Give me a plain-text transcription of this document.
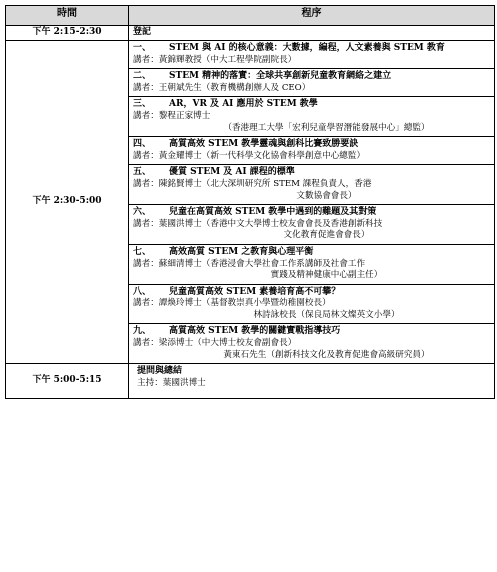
時間	程序
下午 2:15-2:30	登記
下午 2:30-5:00	一、 STEM 與 AI 的核心意義：大數據，編程，人文素養與 STEM 教育
講者：黃錦輝教授（中大工程學院副院長）

	二、 STEM 精神的落實：全球共享創新兒童教育網絡之建立
講者：王朝斌先生（教育機構創辦人及 CEO）

	三、 AR，VR 及 AI 應用於 STEM 教學
講者：黎程正家博士
（香港理工大學「宏利兒童學習潛能發展中心」總監）

	四、 高質高效 STEM 教學靈魂與創科比賽致勝要訣
講者：黃金耀博士（新一代科學文化協會科學創意中心總監）

	五、 優質 STEM 及 AI 課程的標準
講者：陳銘賢博士（北大深圳研究所 STEM 課程負責人，香港
文數協會會長）

	六、 兒童在高質高效 STEM 教學中遇到的難題及其對策
講者：葉國洪博士（香港中文大學博士校友會會長及香港創新科技
文化教育促進會會長）

	七、 高效高質 STEM 之教育與心理平衡
講者：蘇細清博士（香港浸會大學社會工作系講師及社會工作
實踐及精神健康中心副主任）

	八、 兒童高質高效 STEM 素養培育高不可攀？
講者：譚煥玲博士（基督教崇真小學暨幼稚園校長）
林詩詠校長（保良局林文燦英文小學）

	九、 高質高效 STEM 教學的關鍵實戰指導技巧
講者：梁添博士（中大博士校友會副會長）
黃東石先生（創新科技文化及教育促進會高級研究員）

下午 5:00-5:15	提問與總結
主持：葉國洪博士
